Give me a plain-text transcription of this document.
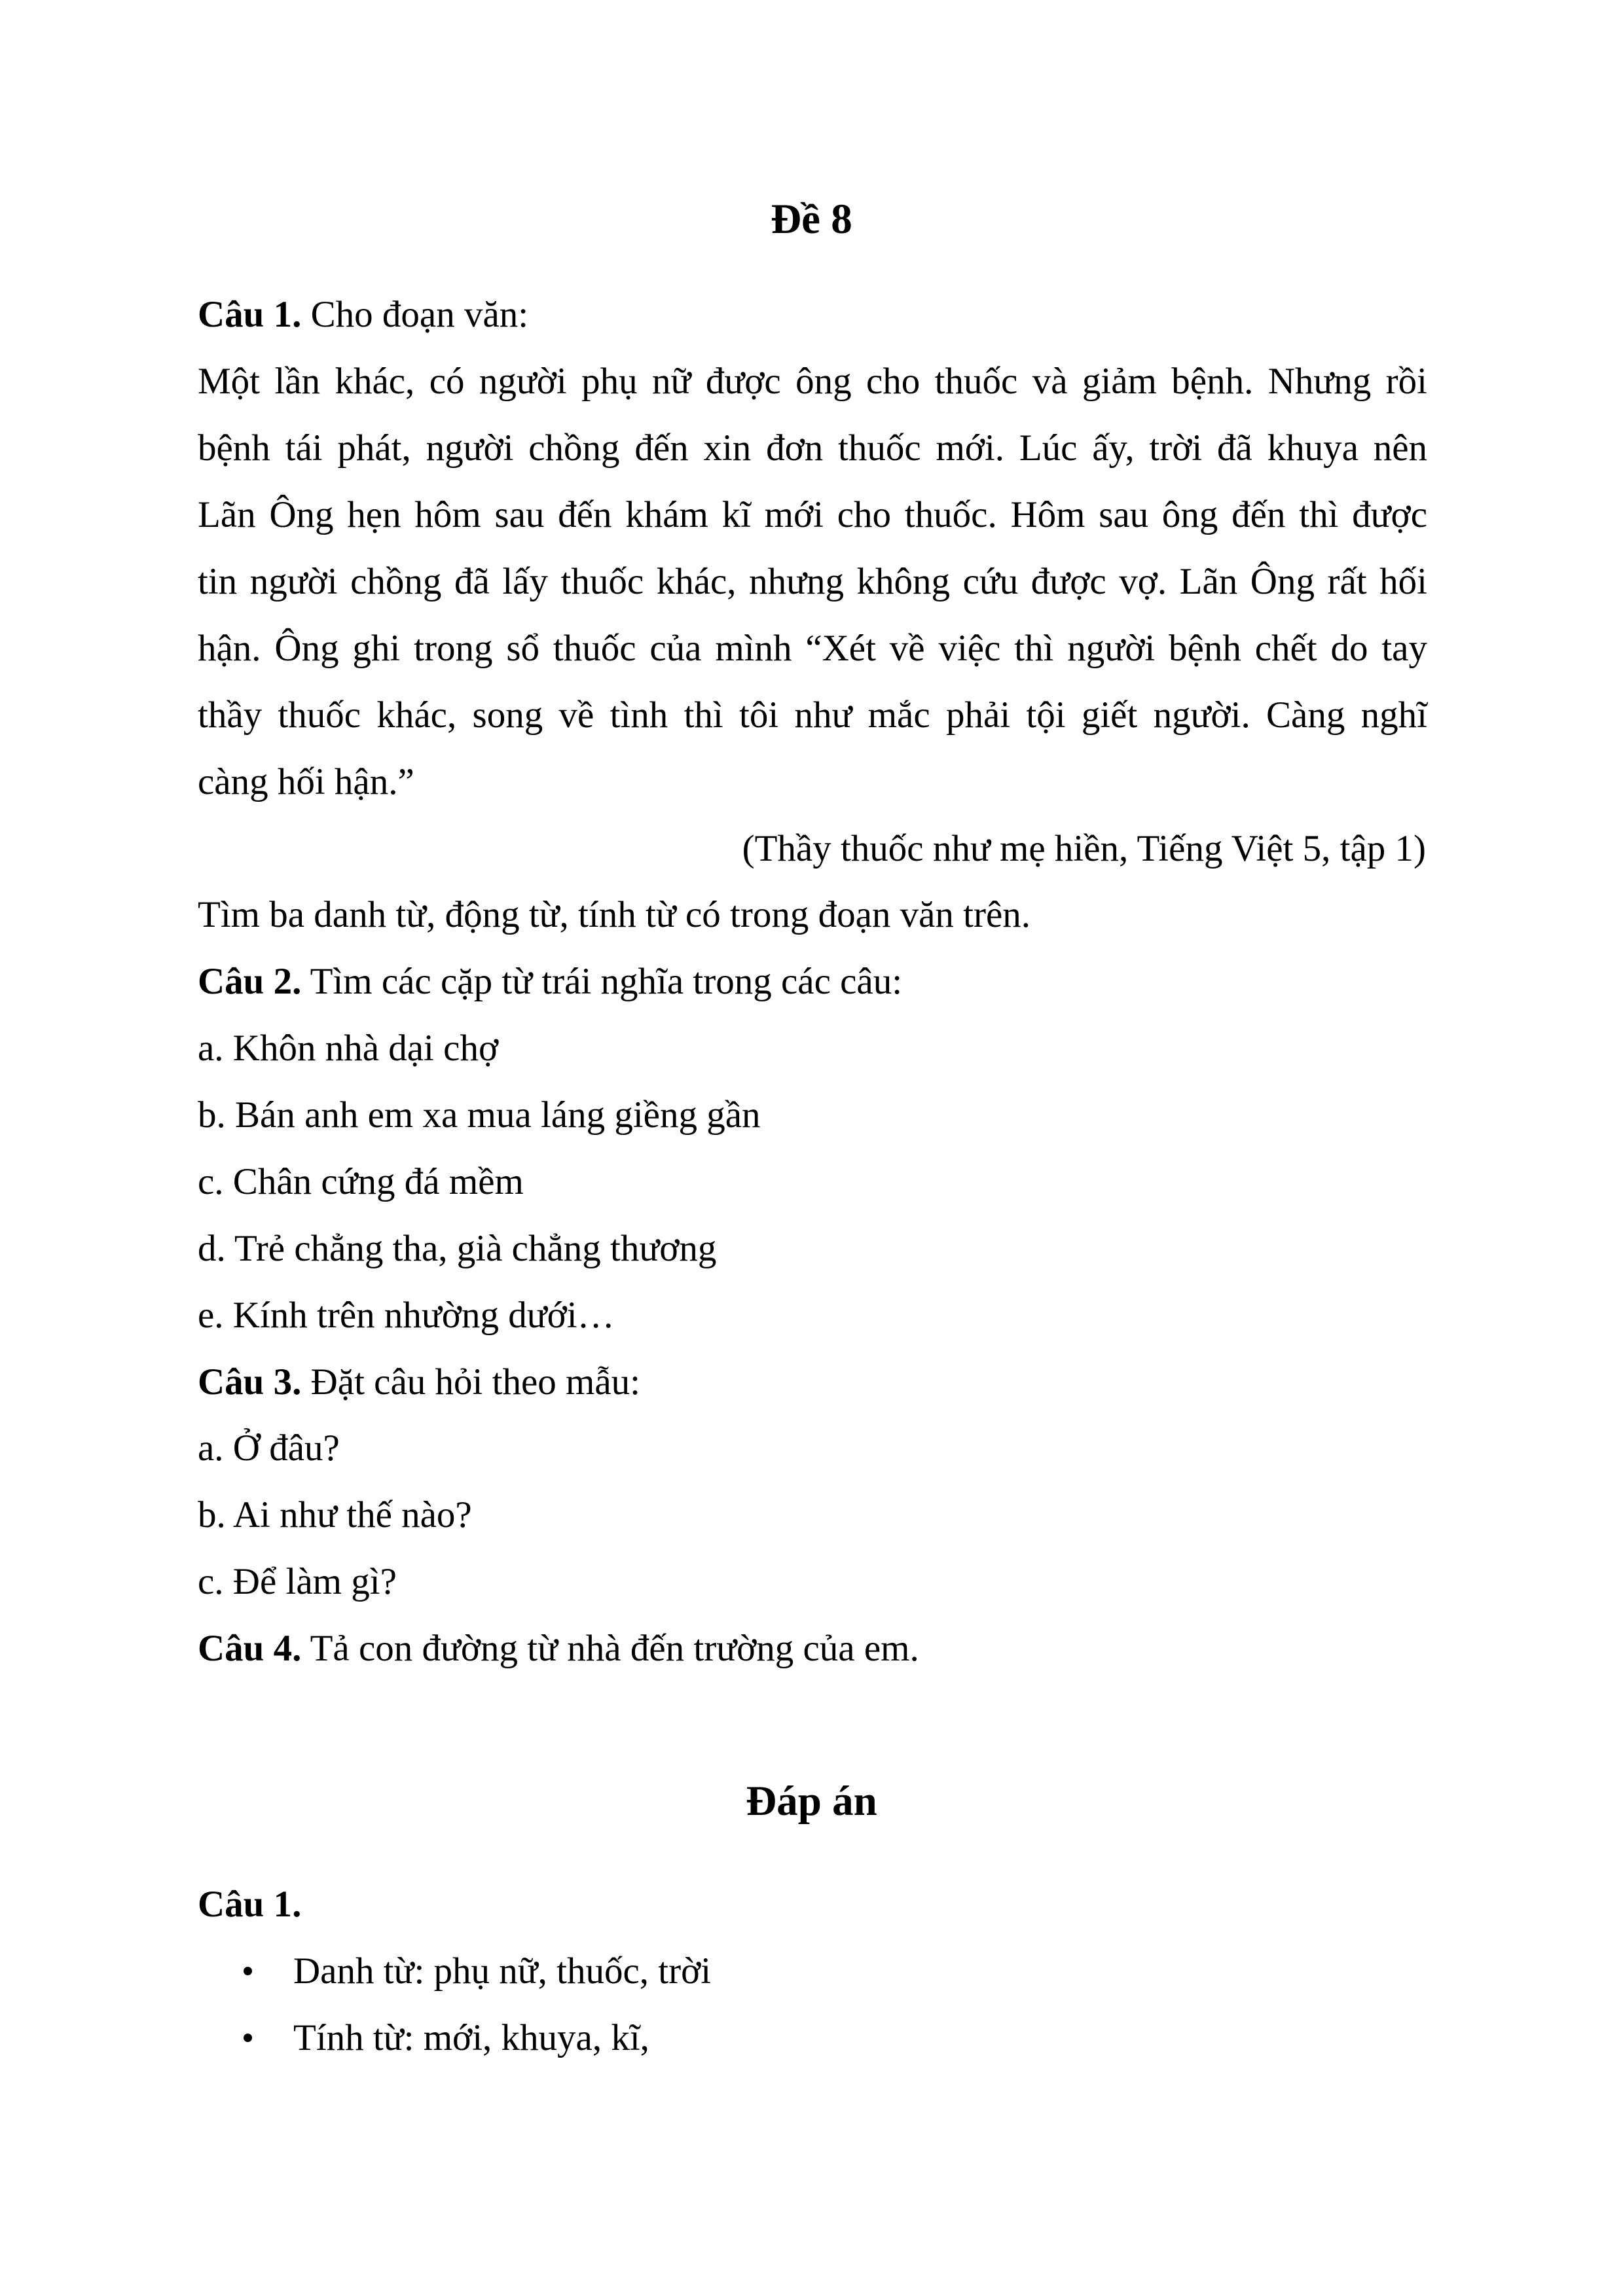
Đề 8

Câu 1. Cho đoạn văn:

Một lần khác, có người phụ nữ được ông cho thuốc và giảm bệnh. Nhưng rồi

bệnh tái phát, người chồng đến xin đơn thuốc mới. Lúc ấy, trời đã khuya nên

Lãn Ông hẹn hôm sau đến khám kĩ mới cho thuốc. Hôm sau ông đến thì được

tin người chồng đã lấy thuốc khác, nhưng không cứu được vợ. Lãn Ông rất hối

hận. Ông ghi trong sổ thuốc của mình “Xét về việc thì người bệnh chết do tay

thầy thuốc khác, song về tình thì tôi như mắc phải tội giết người. Càng nghĩ

càng hối hận.”

(Thầy thuốc như mẹ hiền, Tiếng Việt 5, tập 1)

Tìm ba danh từ, động từ, tính từ có trong đoạn văn trên.

Câu 2. Tìm các cặp từ trái nghĩa trong các câu:

a. Khôn nhà dại chợ

b. Bán anh em xa mua láng giềng gần

c. Chân cứng đá mềm

d. Trẻ chẳng tha, già chẳng thương

e. Kính trên nhường dưới…

Câu 3. Đặt câu hỏi theo mẫu:

a. Ở đâu?

b. Ai như thế nào?

c. Để làm gì?

Câu 4. Tả con đường từ nhà đến trường của em.

Đáp án

Câu 1.

Danh từ: phụ nữ, thuốc, trời
Tính từ: mới, khuya, kĩ,
